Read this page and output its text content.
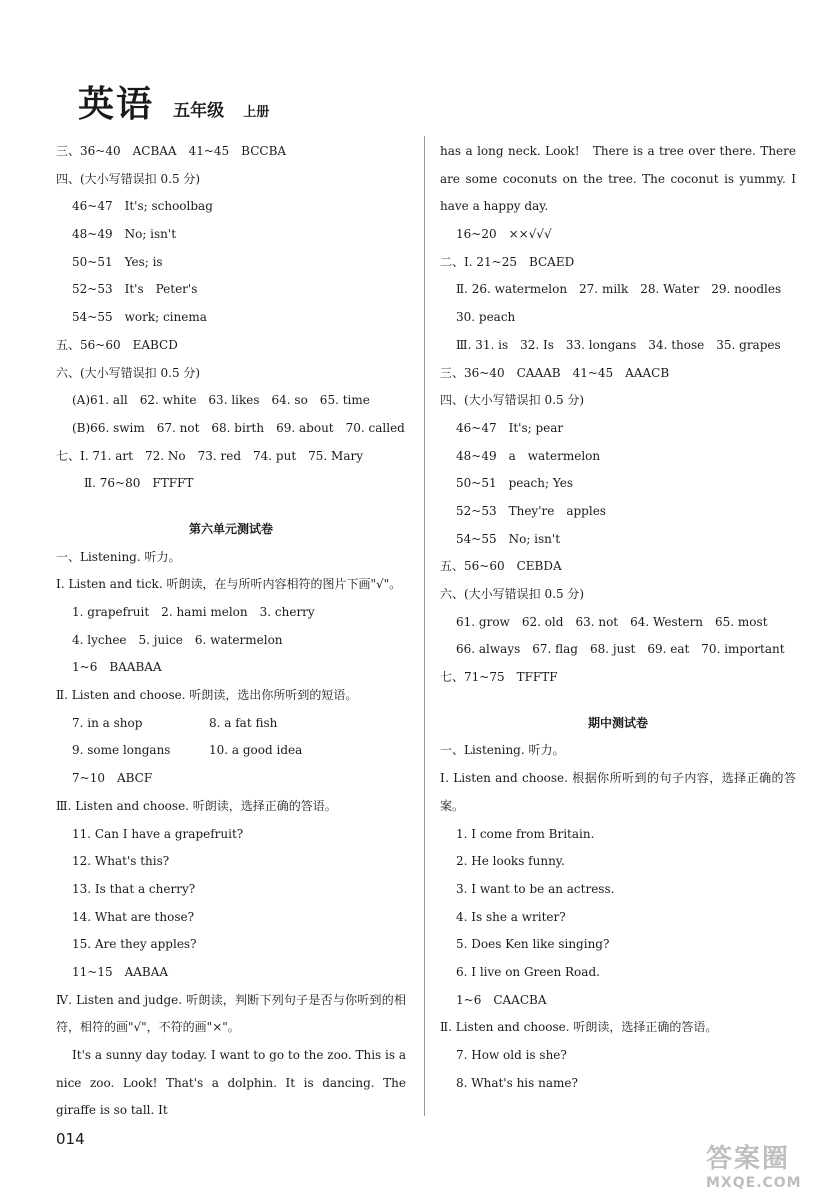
英语 五年级 上册
三、36~40　ACBAA　41~45　BCCBA
四、(大小写错误扣 0.5 分)
46~47　It's; schoolbag
48~49　No; isn't
50~51　Yes; is
52~53　It's　Peter's
54~55　work; cinema
五、56~60　EABCD
六、(大小写错误扣 0.5 分)
(A)61. all　62. white　63. likes　64. so　65. time
(B)66. swim　67. not　68. birth　69. about　70. called
七、Ⅰ. 71. art　72. No　73. red　74. put　75. Mary
Ⅱ. 76~80　FTFFT
第六单元测试卷
一、Listening. 听力。
Ⅰ. Listen and tick. 听朗读，在与所听内容相符的图片下画"√"。
1. grapefruit　2. hami melon　3. cherry
4. lychee　5. juice　6. watermelon
1~6　BAABAA
Ⅱ. Listen and choose. 听朗读，选出你所听到的短语。
7. in a shop	8. a fat fish
9. some longans	10. a good idea
7~10　ABCF
Ⅲ. Listen and choose. 听朗读，选择正确的答语。
11. Can I have a grapefruit?
12. What's this?
13. Is that a cherry?
14. What are those?
15. Are they apples?
11~15　AABAA
Ⅳ. Listen and judge. 听朗读，判断下列句子是否与你听到的相符，相符的画"√"，不符的画"×"。
It's a sunny day today. I want to go to the zoo. This is a nice zoo. Look! That's a dolphin. It is dancing. The giraffe is so tall. It
has a long neck. Look!　There is a tree over there. There are some coconuts on the tree. The coconut is yummy. I have a happy day.
16~20　××√√√
二、Ⅰ. 21~25　BCAED
Ⅱ. 26. watermelon　27. milk　28. Water　29. noodles
30. peach
Ⅲ. 31. is　32. Is　33. longans　34. those　35. grapes
三、36~40　CAAAB　41~45　AAACB
四、(大小写错误扣 0.5 分)
46~47　It's; pear
48~49　a　watermelon
50~51　peach; Yes
52~53　They're　apples
54~55　No; isn't
五、56~60　CEBDA
六、(大小写错误扣 0.5 分)
61. grow　62. old　63. not　64. Western　65. most
66. always　67. flag　68. just　69. eat　70. important
七、71~75　TFFTF
期中测试卷
一、Listening. 听力。
Ⅰ. Listen and choose. 根据你所听到的句子内容，选择正确的答案。
1. I come from Britain.
2. He looks funny.
3. I want to be an actress.
4. Is she a writer?
5. Does Ken like singing?
6. I live on Green Road.
1~6　CAACBA
Ⅱ. Listen and choose. 听朗读，选择正确的答语。
7. How old is she?
8. What's his name?
014
答案圈
MXQE.COM
